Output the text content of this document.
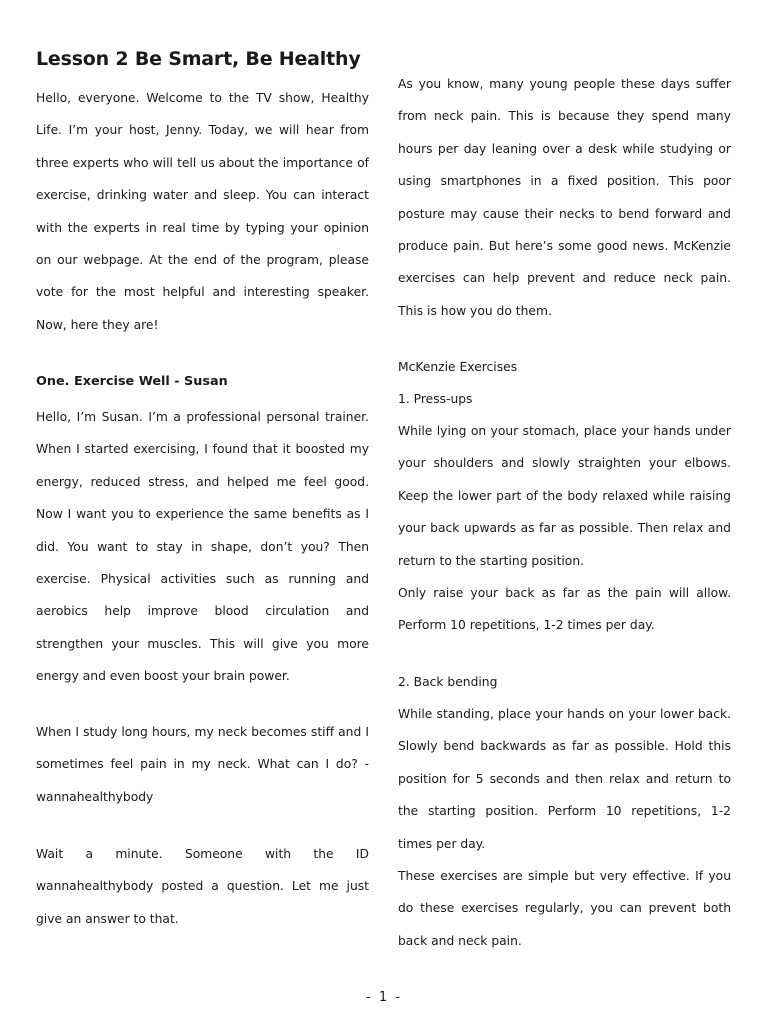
Lesson 2 Be Smart, Be Healthy

Hello, everyone. Welcome to the TV show, Healthy Life. I’m your host, Jenny. Today, we will hear from three experts who will tell us about the importance of exercise, drinking water and sleep. You can interact with the experts in real time by typing your opinion on our webpage. At the end of the program, please vote for the most helpful and interesting speaker. Now, here they are!

One. Exercise Well - Susan

Hello, I’m Susan. I’m a professional personal trainer. When I started exercising, I found that it boosted my energy, reduced stress, and helped me feel good. Now I want you to experience the same benefits as I did. You want to stay in shape, don’t you? Then exercise. Physical activities such as running and aerobics help improve blood circulation and strengthen your muscles. This will give you more energy and even boost your brain power.

When I study long hours, my neck becomes stiff and I sometimes feel pain in my neck. What can I do? - wannahealthybody

Wait a minute. Someone with the ID wannahealthybody posted a question. Let me just give an answer to that.

As you know, many young people these days suffer from neck pain. This is because they spend many hours per day leaning over a desk while studying or using smartphones in a fixed position. This poor posture may cause their necks to bend forward and produce pain. But here’s some good news. McKenzie exercises can help prevent and reduce neck pain. This is how you do them.

McKenzie Exercises

1. Press-ups

While lying on your stomach, place your hands under your shoulders and slowly straighten your elbows. Keep the lower part of the body relaxed while raising your back upwards as far as possible. Then relax and return to the starting position.

Only raise your back as far as the pain will allow. Perform 10 repetitions, 1-2 times per day.

2. Back bending

While standing, place your hands on your lower back. Slowly bend backwards as far as possible. Hold this position for 5 seconds and then relax and return to the starting position. Perform 10 repetitions, 1-2 times per day.

These exercises are simple but very effective. If you do these exercises regularly, you can prevent both back and neck pain.

- 1 -
